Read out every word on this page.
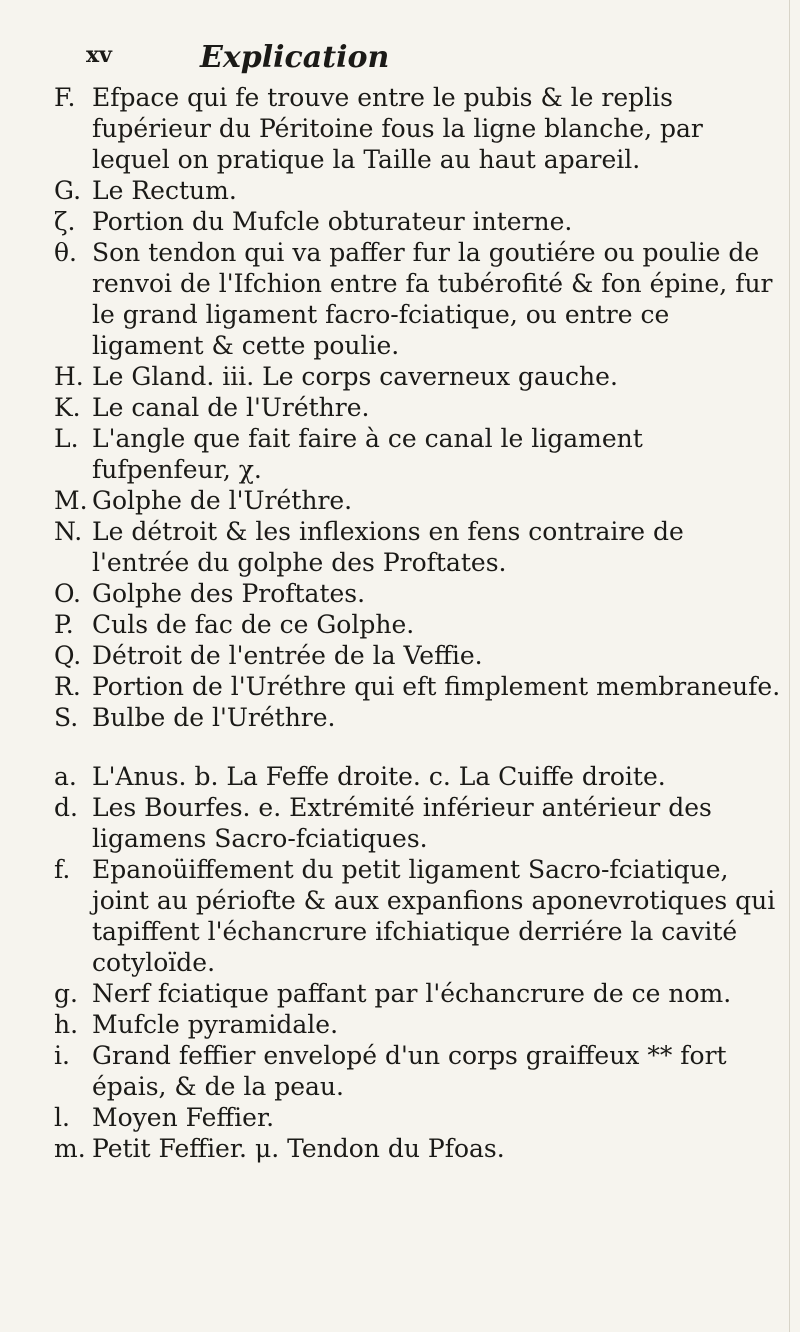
xv	Explication
F. Efpace qui fe trouve entre le pubis & le replis fupérieur du Péritoine fous la ligne blanche, par lequel on pratique la Taille au haut apareil.
G. Le Rectum.
ζ. Portion du Mufcle obturateur interne.
θ. Son tendon qui va paffer fur la goutiére ou poulie de renvoi de l'Ifchion entre fa tubérofité & fon épine, fur le grand ligament facro-fciatique, ou entre ce ligament & cette poulie.
H. Le Gland. iii. Le corps caverneux gauche.
K. Le canal de l'Uréthre.
L. L'angle que fait faire à ce canal le ligament fufpenfeur, χ.
M. Golphe de l'Uréthre.
N. Le détroit & les inflexions en fens contraire de l'entrée du golphe des Proftates.
O. Golphe des Proftates.
P. Culs de fac de ce Golphe.
Q. Détroit de l'entrée de la Veffie.
R. Portion de l'Uréthre qui eft fimplement membraneufe.
S. Bulbe de l'Uréthre.
a. L'Anus. b. La Feffe droite. c. La Cuiffe droite.
d. Les Bourfes. e. Extrémité inférieur antérieur des ligamens Sacro-fciatiques.
f. Epanoüiffement du petit ligament Sacro-fciatique, joint au périofte & aux expanfions aponevrotiques qui tapiffent l'échancrure ifchiatique derriére la cavité cotyloïde.
g. Nerf fciatique paffant par l'échancrure de ce nom.
h. Mufcle pyramidale.
i. Grand feffier envelopé d'un corps graiffeux ** fort épais, & de la peau.
l. Moyen Feffier.
m. Petit Feffier. μ. Tendon du Pfoas.
